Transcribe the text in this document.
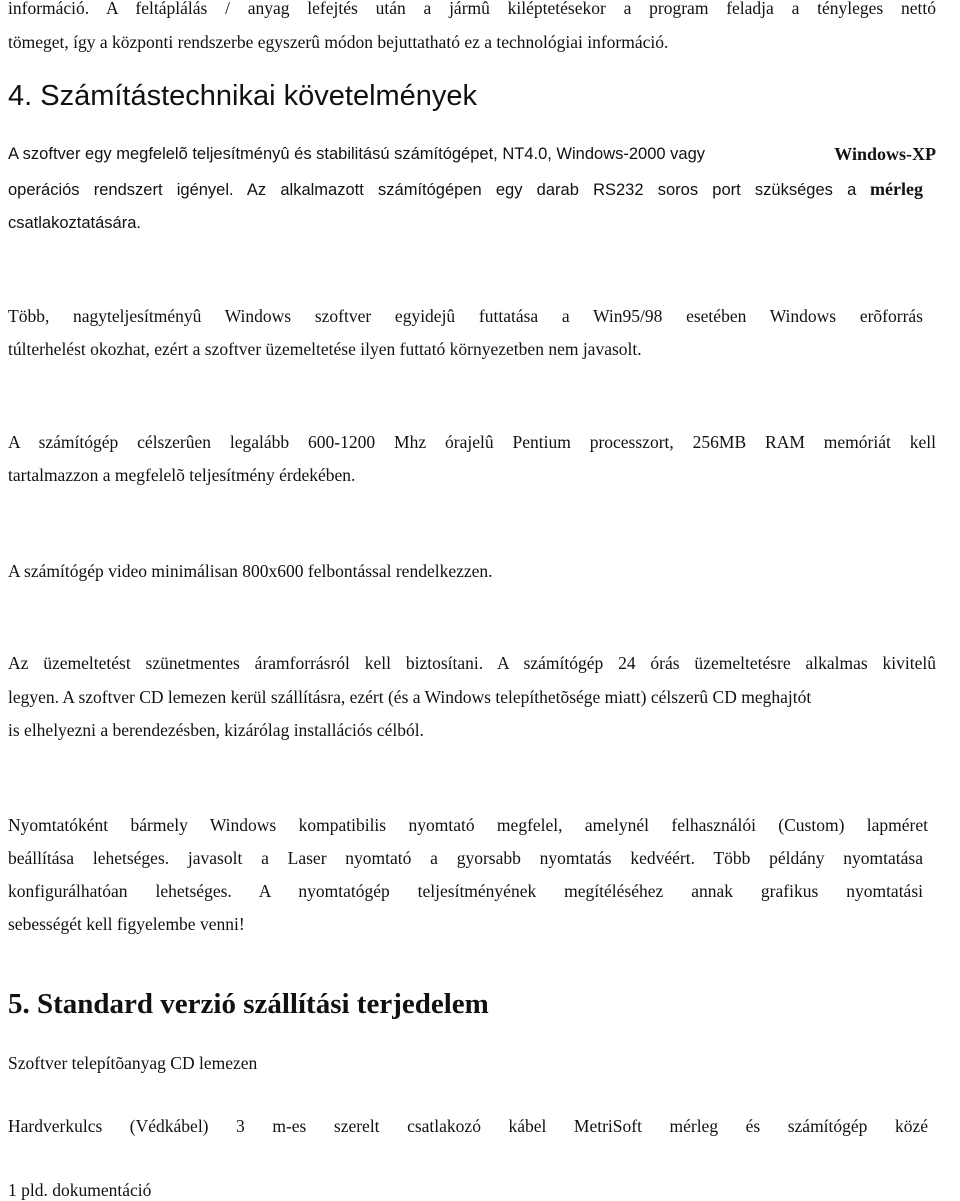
információ. A feltáplálás / anyag lefejtés után a jármû kiléptetésekor a program feladja a tényleges nettó
tömeget, így a központi rendszerbe egyszerû módon bejuttatható ez a technológiai információ.
4. Számítástechnikai követelmények
A szoftver egy megfelelõ teljesítményû és stabilitású számítógépet, NT4.0, Windows-2000 vagy	Windows-XP
operációs rendszert igényel. Az alkalmazott számítógépen egy darab RS232 soros port szükséges a mérleg
csatlakoztatására.
Több, nagyteljesítményû Windows szoftver egyidejû futtatása a Win95/98 esetében Windows erõforrás
túlterhelést okozhat, ezért a szoftver üzemeltetése ilyen futtató környezetben nem javasolt.
A számítógép célszerûen legalább 600-1200 Mhz órajelû Pentium processzort, 256MB RAM memóriát kell
tartalmazzon a megfelelõ teljesítmény érdekében.
A számítógép video minimálisan 800x600 felbontással rendelkezzen.
Az üzemeltetést szünetmentes áramforrásról kell biztosítani. A számítógép 24 órás üzemeltetésre alkalmas kivitelû
legyen. A szoftver CD lemezen kerül szállításra, ezért (és a Windows telepíthetõsége miatt) célszerû CD meghajtót
is elhelyezni a berendezésben, kizárólag installációs célból.
Nyomtatóként bármely Windows kompatibilis nyomtató megfelel, amelynél felhasználói (Custom) lapméret
beállítása lehetséges. javasolt a Laser nyomtató a gyorsabb nyomtatás kedvéért. Több példány nyomtatása
konfigurálhatóan lehetséges. A nyomtatógép teljesítményének megítéléséhez annak grafikus nyomtatási
sebességét kell figyelembe venni!
5. Standard verzió szállítási terjedelem
Szoftver telepítõanyag CD lemezen
Hardverkulcs (Védkábel) 3 m-es szerelt csatlakozó kábel MetriSoft mérleg és számítógép közé
1 pld. dokumentáció
